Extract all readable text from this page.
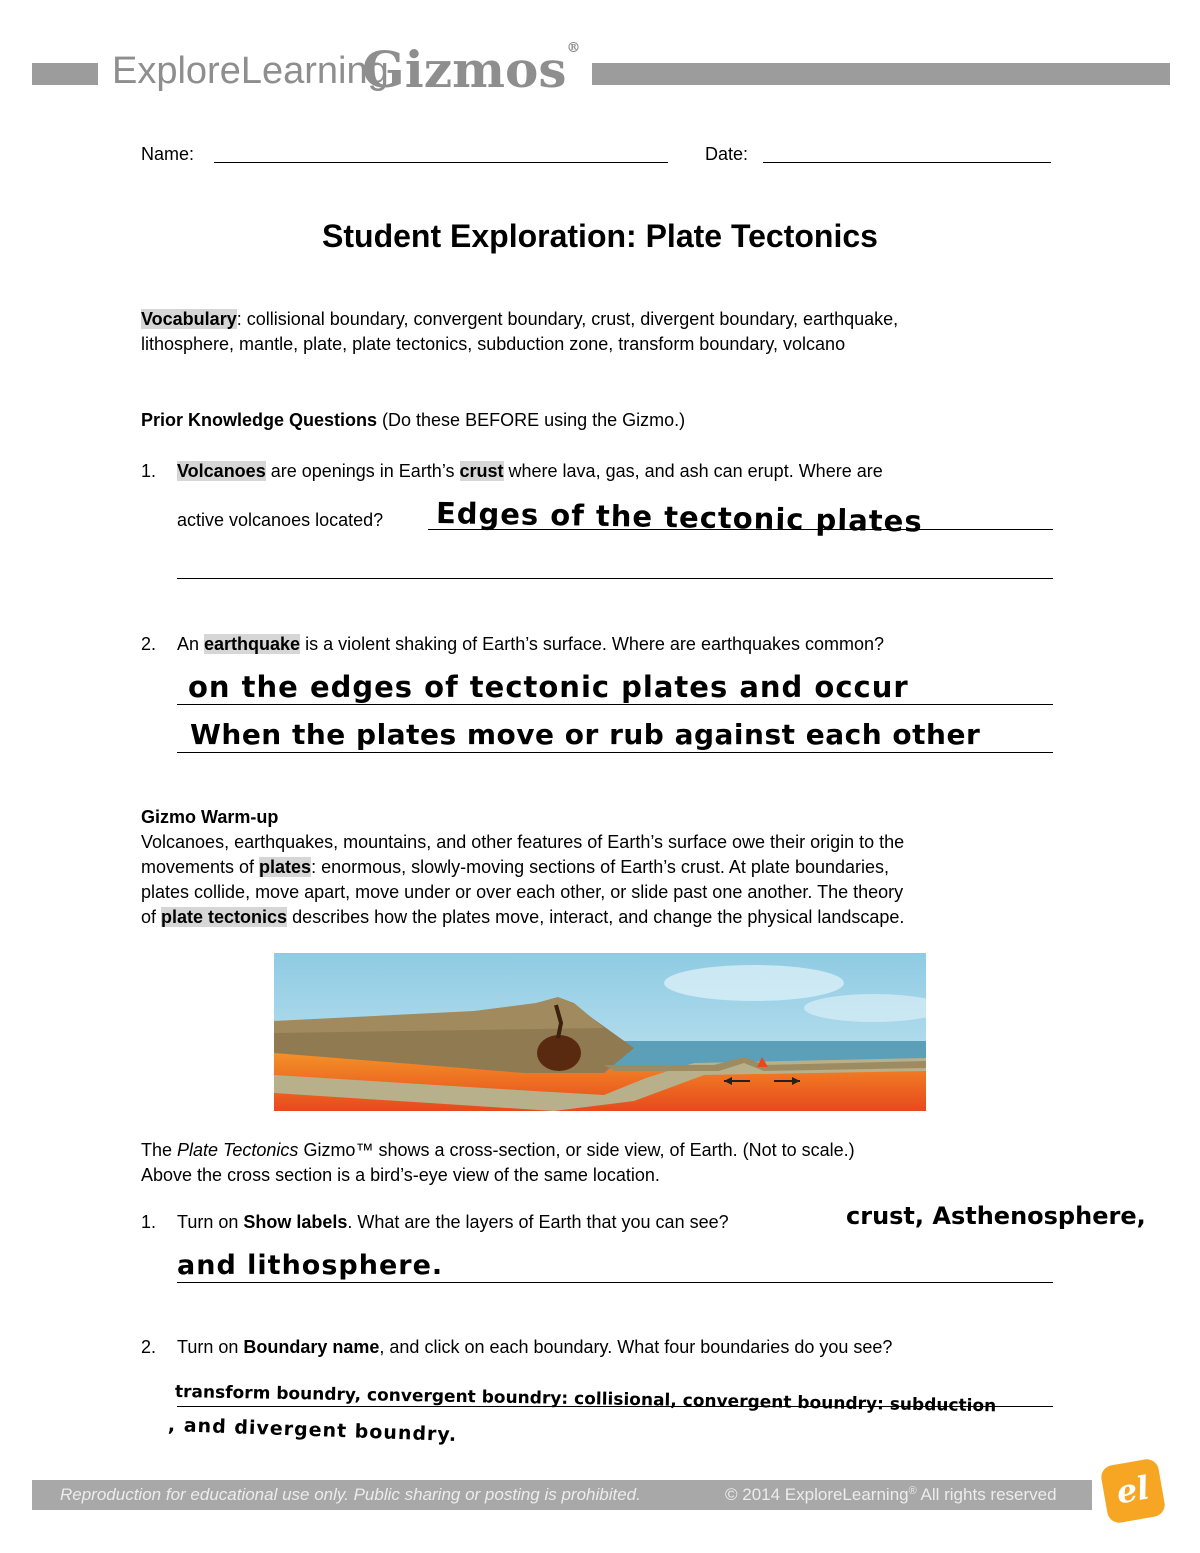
ExploreLearning
Gizmos®
Name:	Date:
Student Exploration: Plate Tectonics
Vocabulary: collisional boundary, convergent boundary, crust, divergent boundary, earthquake,
lithosphere, mantle, plate, plate tectonics, subduction zone, transform boundary, volcano
Prior Knowledge Questions (Do these BEFORE using the Gizmo.)
1. Volcanoes are openings in Earth’s crust where lava, gas, and ash can erupt. Where are
active volcanoes located? Edges of the tectonic plates
2. An earthquake is a violent shaking of Earth’s surface. Where are earthquakes common?
on the edges of tectonic plates and occur
When the plates move or rub against each other
Gizmo Warm-up
Volcanoes, earthquakes, mountains, and other features of Earth’s surface owe their origin to the
movements of plates: enormous, slowly-moving sections of Earth’s crust. At plate boundaries,
plates collide, move apart, move under or over each other, or slide past one another. The theory
of plate tectonics describes how the plates move, interact, and change the physical landscape.
The Plate Tectonics Gizmo™ shows a cross-section, or side view, of Earth. (Not to scale.)
Above the cross section is a bird’s-eye view of the same location.
1. Turn on Show labels. What are the layers of Earth that you can see?	crust, Asthenosphere,
and lithosphere.
2. Turn on Boundary name, and click on each boundary. What four boundaries do you see?
transform boundry, convergent boundry: collisional, convergent boundry: subduction
, and divergent boundry.
Reproduction for educational use only. Public sharing or posting is prohibited.	© 2014 ExploreLearning® All rights reserved	el
